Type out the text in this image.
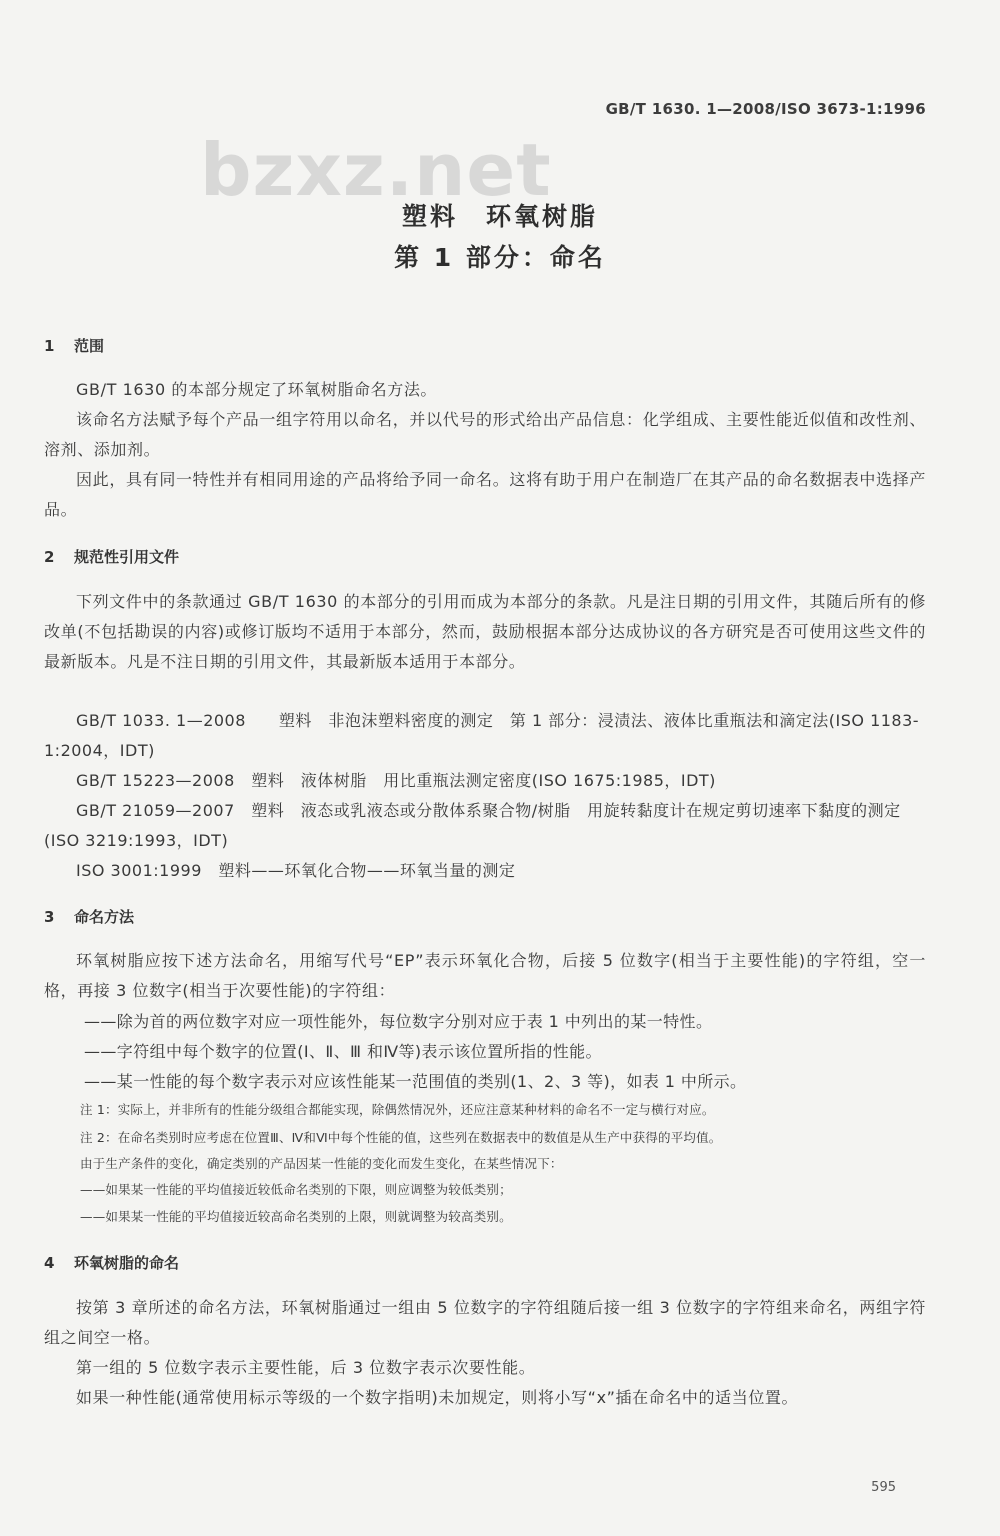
GB/T 1630. 1—2008/ISO 3673-1:1996
bzxz.net
塑料　环氧树脂
第 1 部分：命名
1 范围
GB/T 1630 的本部分规定了环氧树脂命名方法。
该命名方法赋予每个产品一组字符用以命名，并以代号的形式给出产品信息：化学组成、主要性能近似值和改性剂、溶剂、添加剂。
因此，具有同一特性并有相同用途的产品将给予同一命名。这将有助于用户在制造厂在其产品的命名数据表中选择产品。
2 规范性引用文件
下列文件中的条款通过 GB/T 1630 的本部分的引用而成为本部分的条款。凡是注日期的引用文件，其随后所有的修改单(不包括勘误的内容)或修订版均不适用于本部分，然而，鼓励根据本部分达成协议的各方研究是否可使用这些文件的最新版本。凡是不注日期的引用文件，其最新版本适用于本部分。
GB/T 1033. 1—2008　　塑料　非泡沫塑料密度的测定　第 1 部分：浸渍法、液体比重瓶法和滴定法(ISO 1183-1:2004，IDT)
GB/T 15223—2008　塑料　液体树脂　用比重瓶法测定密度(ISO 1675:1985，IDT)
GB/T 21059—2007　塑料　液态或乳液态或分散体系聚合物/树脂　用旋转黏度计在规定剪切速率下黏度的测定(ISO 3219:1993，IDT)
ISO 3001:1999　塑料——环氧化合物——环氧当量的测定
3 命名方法
环氧树脂应按下述方法命名，用缩写代号“EP”表示环氧化合物，后接 5 位数字(相当于主要性能)的字符组，空一格，再接 3 位数字(相当于次要性能)的字符组：
——除为首的两位数字对应一项性能外，每位数字分别对应于表 1 中列出的某一特性。
——字符组中每个数字的位置(Ⅰ、Ⅱ、Ⅲ 和Ⅳ等)表示该位置所指的性能。
——某一性能的每个数字表示对应该性能某一范围值的类别(1、2、3 等)，如表 1 中所示。
注 1：实际上，并非所有的性能分级组合都能实现，除偶然情况外，还应注意某种材料的命名不一定与横行对应。
注 2：在命名类别时应考虑在位置Ⅲ、Ⅳ和Ⅵ中每个性能的值，这些列在数据表中的数值是从生产中获得的平均值。
由于生产条件的变化，确定类别的产品因某一性能的变化而发生变化，在某些情况下：
——如果某一性能的平均值接近较低命名类别的下限，则应调整为较低类别；
——如果某一性能的平均值接近较高命名类别的上限，则就调整为较高类别。
4 环氧树脂的命名
按第 3 章所述的命名方法，环氧树脂通过一组由 5 位数字的字符组随后接一组 3 位数字的字符组来命名，两组字符组之间空一格。
第一组的 5 位数字表示主要性能，后 3 位数字表示次要性能。
如果一种性能(通常使用标示等级的一个数字指明)未加规定，则将小写“x”插在命名中的适当位置。
595
